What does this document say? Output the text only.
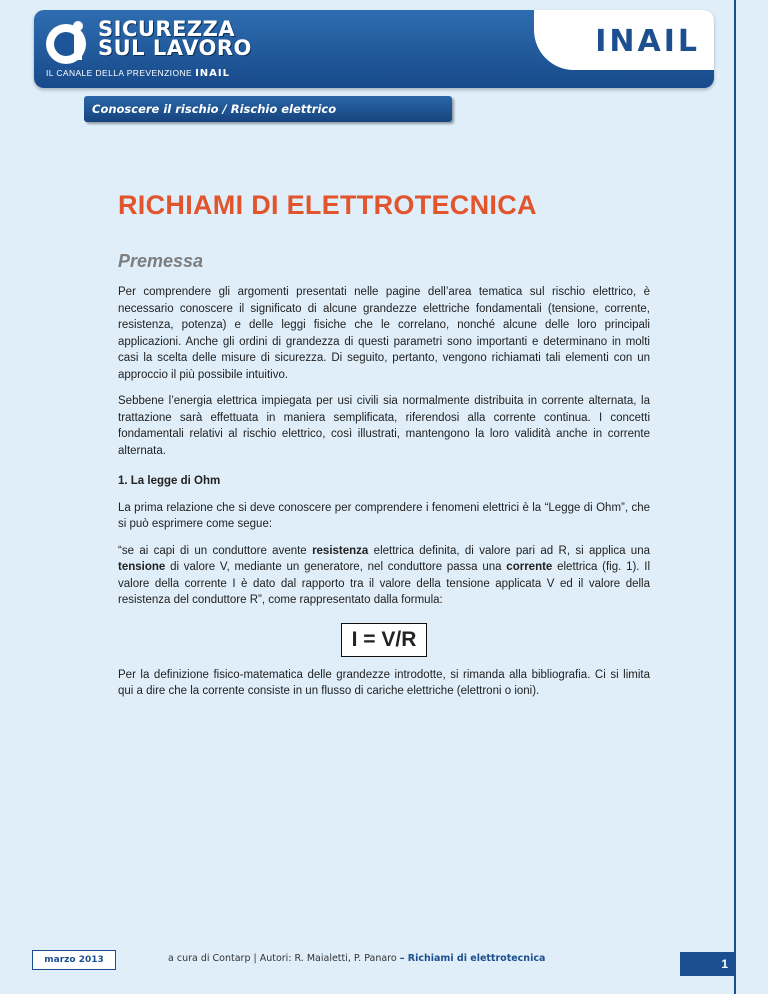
SICUREZZA
SUL LAVORO
IL CANALE DELLA PREVENZIONE INAIL
INAIL
Conoscere il rischio / Rischio elettrico
RICHIAMI DI ELETTROTECNICA
Premessa

Per comprendere gli argomenti presentati nelle pagine dell’area tematica sul rischio elettrico, è necessario conoscere il significato di alcune grandezze elettriche fondamentali (tensione, corrente, resistenza, potenza) e delle leggi fisiche che le correlano, nonché alcune delle loro principali applicazioni. Anche gli ordini di grandezza di questi parametri sono importanti e determinano in molti casi la scelta delle misure di sicurezza. Di seguito, pertanto, vengono richiamati tali elementi con un approccio il più possibile intuitivo.

Sebbene l’energia elettrica impiegata per usi civili sia normalmente distribuita in corrente alternata, la trattazione sarà effettuata in maniera semplificata, riferendosi alla corrente continua. I concetti fondamentali relativi al rischio elettrico, così illustrati, mantengono la loro validità anche in corrente alternata.

1. La legge di Ohm

La prima relazione che si deve conoscere per comprendere i fenomeni elettrici è la “Legge di Ohm”, che si può esprimere come segue:

“se ai capi di un conduttore avente resistenza elettrica definita, di valore pari ad R, si applica una tensione di valore V, mediante un generatore, nel conduttore passa una corrente elettrica (fig. 1). Il valore della corrente I è dato dal rapporto tra il valore della tensione applicata V ed il valore della resistenza del conduttore R”, come rappresentato dalla formula:

I = V/R

Per la definizione fisico-matematica delle grandezze introdotte, si rimanda alla bibliografia. Ci si limita qui a dire che la corrente consiste in un flusso di cariche elettriche (elettroni o ioni).

marzo 2013	a cura di Contarp | Autori: R. Maialetti, P. Panaro – Richiami di elettrotecnica	1
